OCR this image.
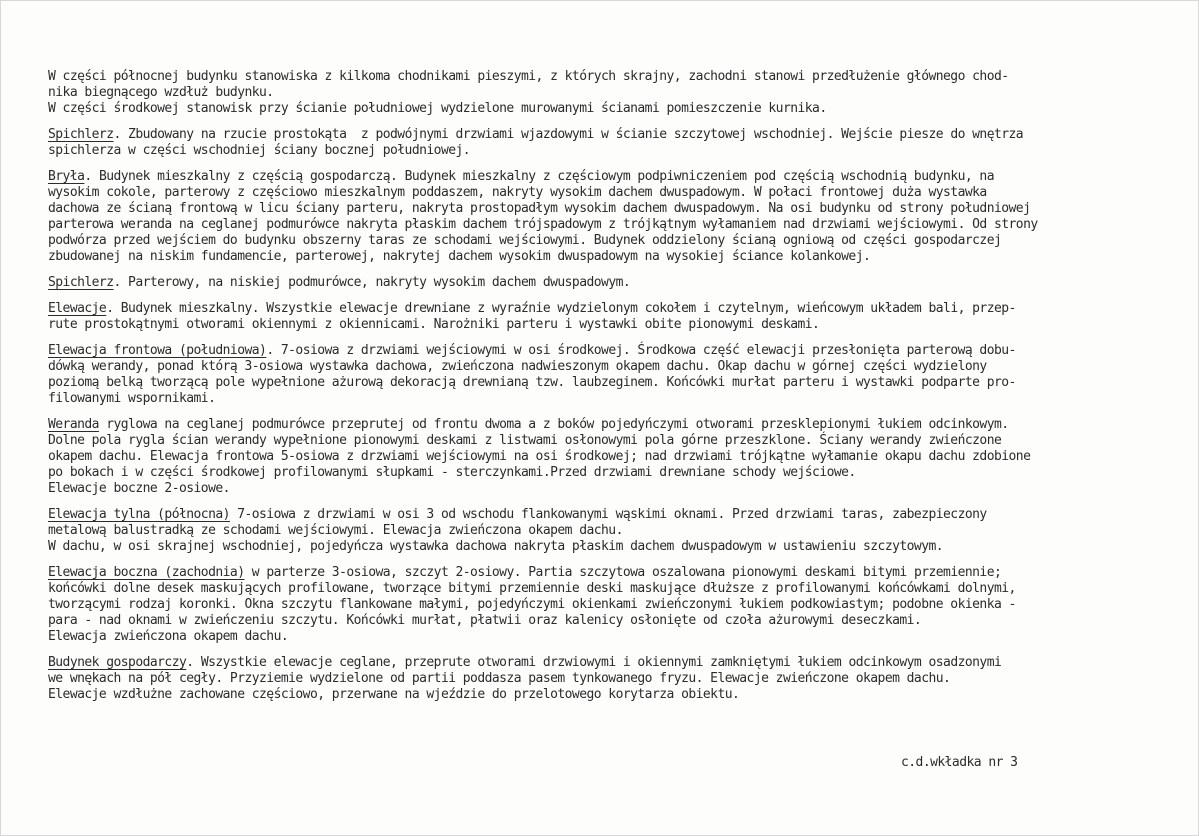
W części północnej budynku stanowiska z kilkoma chodnikami pieszymi, z których skrajny, zachodni stanowi przedłużenie głównego chod-
nika biegnącego wzdłuż budynku.
W części środkowej stanowisk przy ścianie południowej wydzielone murowanymi ścianami pomieszczenie kurnika.
Spichlerz. Zbudowany na rzucie prostokąta  z podwójnymi drzwiami wjazdowymi w ścianie szczytowej wschodniej. Wejście piesze do wnętrza
spichlerza w części wschodniej ściany bocznej południowej.
Bryła. Budynek mieszkalny z częścią gospodarczą. Budynek mieszkalny z częściowym podpiwniczeniem pod częścią wschodnią budynku, na
wysokim cokole, parterowy z częściowo mieszkalnym poddaszem, nakryty wysokim dachem dwuspadowym. W połaci frontowej duża wystawka
dachowa ze ścianą frontową w licu ściany parteru, nakryta prostopadłym wysokim dachem dwuspadowym. Na osi budynku od strony południowej
parterowa weranda na ceglanej podmurówce nakryta płaskim dachem trójspadowym z trójkątnym wyłamaniem nad drzwiami wejściowymi. Od strony
podwórza przed wejściem do budynku obszerny taras ze schodami wejściowymi. Budynek oddzielony ścianą ogniową od części gospodarczej
zbudowanej na niskim fundamencie, parterowej, nakrytej dachem wysokim dwuspadowym na wysokiej ściance kolankowej.
Spichlerz. Parterowy, na niskiej podmurówce, nakryty wysokim dachem dwuspadowym.
Elewacje. Budynek mieszkalny. Wszystkie elewacje drewniane z wyraźnie wydzielonym cokołem i czytelnym, wieńcowym układem bali, przep-
rute prostokątnymi otworami okiennymi z okiennicami. Narożniki parteru i wystawki obite pionowymi deskami.
Elewacja frontowa (południowa). 7-osiowa z drzwiami wejściowymi w osi środkowej. Środkowa część elewacji przesłonięta parterową dobu-
dówką werandy, ponad którą 3-osiowa wystawka dachowa, zwieńczona nadwieszonym okapem dachu. Okap dachu w górnej części wydzielony
poziomą belką tworzącą pole wypełnione ażurową dekoracją drewnianą tzw. laubzeginem. Końcówki murłat parteru i wystawki podparte pro-
filowanymi wspornikami.
Weranda ryglowa na ceglanej podmurówce przeprutej od frontu dwoma a z boków pojedyńczymi otworami przesklepionymi łukiem odcinkowym.
Dolne pola rygla ścian werandy wypełnione pionowymi deskami z listwami osłonowymi pola górne przeszklone. Ściany werandy zwieńczone
okapem dachu. Elewacja frontowa 5-osiowa z drzwiami wejściowymi na osi środkowej; nad drzwiami trójkątne wyłamanie okapu dachu zdobione
po bokach i w części środkowej profilowanymi słupkami - sterczynkami.Przed drzwiami drewniane schody wejściowe.
Elewacje boczne 2-osiowe.
Elewacja tylna (północna) 7-osiowa z drzwiami w osi 3 od wschodu flankowanymi wąskimi oknami. Przed drzwiami taras, zabezpieczony
metalową balustradką ze schodami wejściowymi. Elewacja zwieńczona okapem dachu.
W dachu, w osi skrajnej wschodniej, pojedyńcza wystawka dachowa nakryta płaskim dachem dwuspadowym w ustawieniu szczytowym.
Elewacja boczna (zachodnia) w parterze 3-osiowa, szczyt 2-osiowy. Partia szczytowa oszalowana pionowymi deskami bitymi przemiennie;
końcówki dolne desek maskujących profilowane, tworzące bitymi przemiennie deski maskujące dłuższe z profilowanymi końcówkami dolnymi,
tworzącymi rodzaj koronki. Okna szczytu flankowane małymi, pojedyńczymi okienkami zwieńczonymi łukiem podkowiastym; podobne okienka -
para - nad oknami w zwieńczeniu szczytu. Końcówki murłat, płatwii oraz kalenicy osłonięte od czoła ażurowymi deseczkami.
Elewacja zwieńczona okapem dachu.
Budynek gospodarczy. Wszystkie elewacje ceglane, przeprute otworami drzwiowymi i okiennymi zamkniętymi łukiem odcinkowym osadzonymi
we wnękach na pół cegły. Przyziemie wydzielone od partii poddasza pasem tynkowanego fryzu. Elewacje zwieńczone okapem dachu.
Elewacje wzdłużne zachowane częściowo, przerwane na wjeździe do przelotowego korytarza obiektu.
c.d.wkładka nr 3
